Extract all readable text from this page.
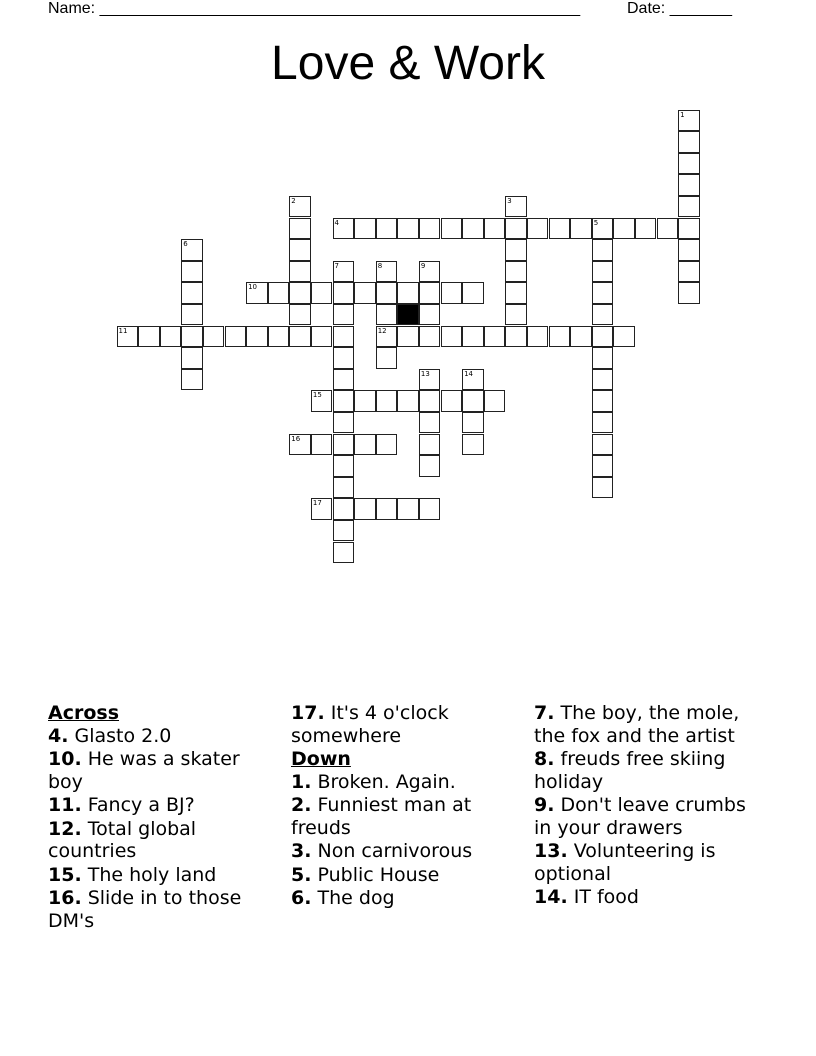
Name: ______________________________________________________	Date: _______
Love & Work
1
2	3
4	5
6
7	8
12
9
10
11
13	14
15
16
17
Across
4. Glasto 2.0
10. He was a skater boy
11. Fancy a BJ?
12. Total global countries
15. The holy land
16. Slide in to those DM's
17. It's 4 o'clock somewhere
Down
1. Broken. Again.
2. Funniest man at freuds
3. Non carnivorous
5. Public House
6. The dog
7. The boy, the mole, the fox and the artist
8. freuds free skiing holiday
9. Don't leave crumbs in your drawers
13. Volunteering is optional
14. IT food
